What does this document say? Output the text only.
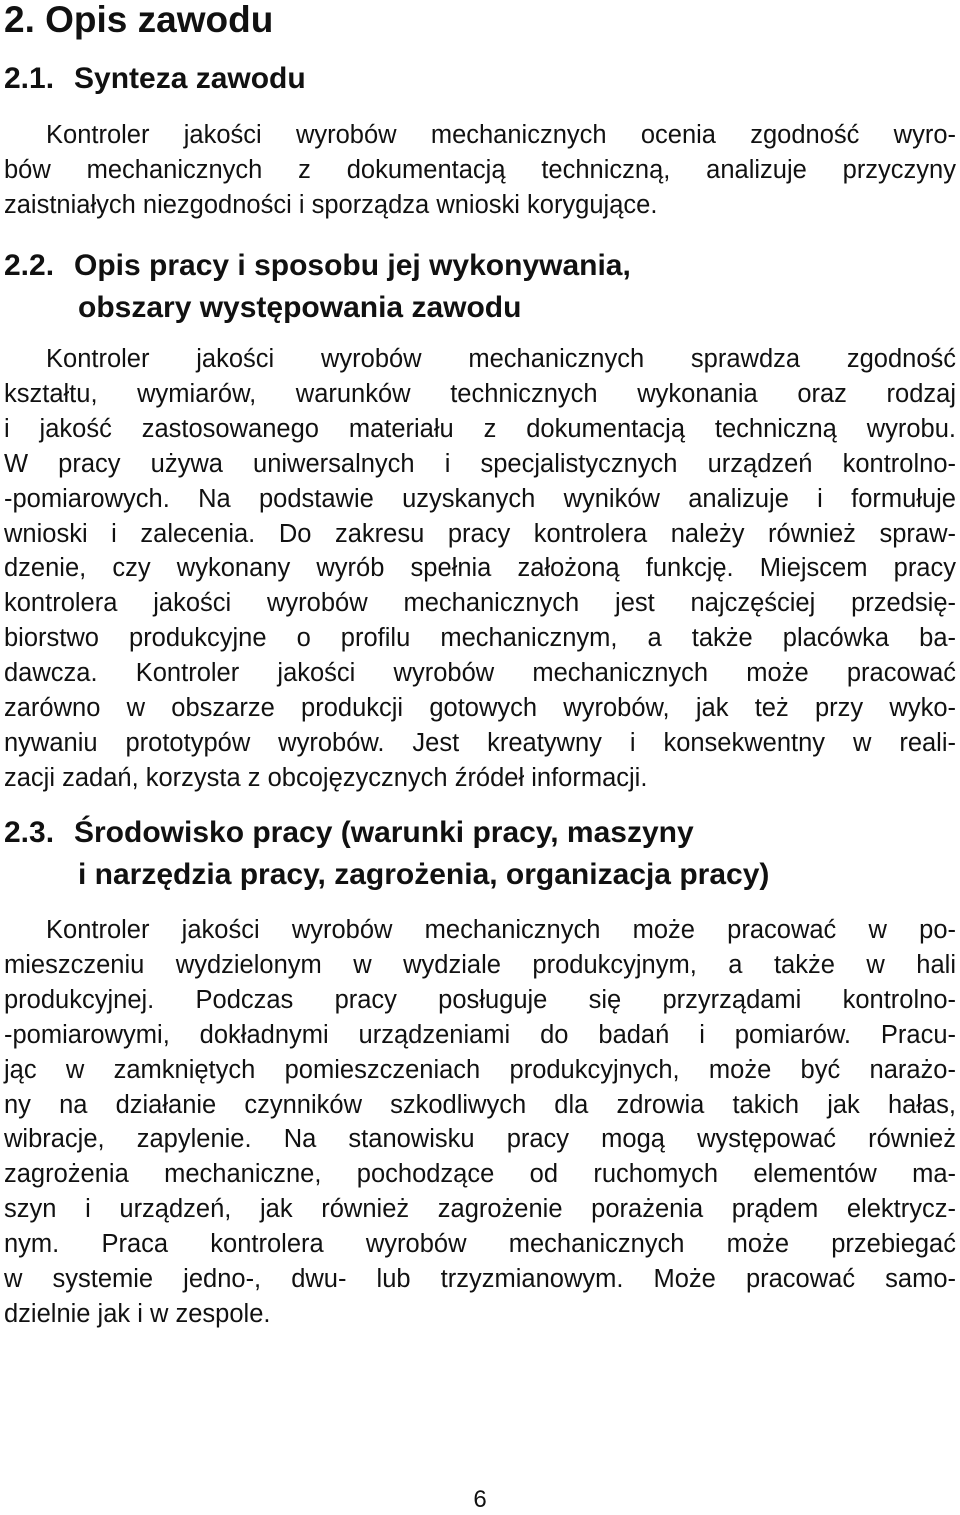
2. Opis zawodu
2.1. Synteza zawodu
Kontroler jakości wyrobów mechanicznych ocenia zgodność wyro-
bów mechanicznych z dokumentacją techniczną, analizuje przyczyny
zaistniałych niezgodności i sporządza wnioski korygujące.
2.2. Opis pracy i sposobu jej wykonywania,
obszary występowania zawodu
Kontroler jakości wyrobów mechanicznych sprawdza zgodność
kształtu, wymiarów, warunków technicznych wykonania oraz rodzaj
i jakość zastosowanego materiału z dokumentacją techniczną wyrobu.
W pracy używa uniwersalnych i specjalistycznych urządzeń kontrolno-
-pomiarowych. Na podstawie uzyskanych wyników analizuje i formułuje
wnioski i zalecenia. Do zakresu pracy kontrolera należy również spraw-
dzenie, czy wykonany wyrób spełnia założoną funkcję. Miejscem pracy
kontrolera jakości wyrobów mechanicznych jest najczęściej przedsię-
biorstwo produkcyjne o profilu mechanicznym, a także placówka ba-
dawcza. Kontroler jakości wyrobów mechanicznych może pracować
zarówno w obszarze produkcji gotowych wyrobów, jak też przy wyko-
nywaniu prototypów wyrobów. Jest kreatywny i konsekwentny w reali-
zacji zadań, korzysta z obcojęzycznych źródeł informacji.
2.3. Środowisko pracy (warunki pracy, maszyny
i narzędzia pracy, zagrożenia, organizacja pracy)
Kontroler jakości wyrobów mechanicznych może pracować w po-
mieszczeniu wydzielonym w wydziale produkcyjnym, a także w hali
produkcyjnej. Podczas pracy posługuje się przyrządami kontrolno-
-pomiarowymi, dokładnymi urządzeniami do badań i pomiarów. Pracu-
jąc w zamkniętych pomieszczeniach produkcyjnych, może być narażo-
ny na działanie czynników szkodliwych dla zdrowia takich jak hałas,
wibracje, zapylenie. Na stanowisku pracy mogą występować również
zagrożenia mechaniczne, pochodzące od ruchomych elementów ma-
szyn i urządzeń, jak również zagrożenie porażenia prądem elektrycz-
nym. Praca kontrolera wyrobów mechanicznych może przebiegać
w systemie jedno-, dwu- lub trzyzmianowym. Może pracować samo-
dzielnie jak i w zespole.
6
